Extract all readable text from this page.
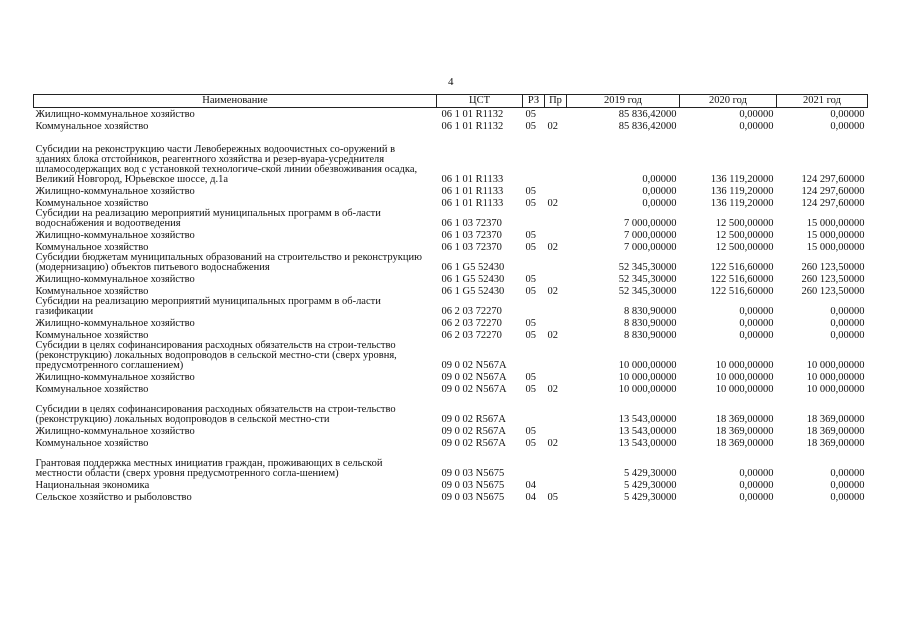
4
Наименование	ЦСТ	РЗ	Пр	2019 год	2020 год	2021 год
Жилищно-коммунальное хозяйство	06 1 01 R1132	05		85 836,42000	0,00000	0,00000
Коммунальное хозяйство	06 1 01 R1132	05	02	85 836,42000	0,00000	0,00000
Субсидии на реконструкцию части Левобережных водоочистных со-оружений в зданиях блока отстойников, реагентного хозяйства и резер-вуара-усреднителя шламосодержащих вод с установкой технологиче-ской линии обезвоживания осадка, Великий Новгород, Юрьевское шоссе, д.1а	06 1 01 R1133			0,00000	136 119,20000	124 297,60000
Жилищно-коммунальное хозяйство	06 1 01 R1133	05		0,00000	136 119,20000	124 297,60000
Коммунальное хозяйство	06 1 01 R1133	05	02	0,00000	136 119,20000	124 297,60000
Субсидии на реализацию мероприятий муниципальных программ в об-ласти водоснабжения и водоотведения	06 1 03 72370			7 000,00000	12 500,00000	15 000,00000
Жилищно-коммунальное хозяйство	06 1 03 72370	05		7 000,00000	12 500,00000	15 000,00000
Коммунальное хозяйство	06 1 03 72370	05	02	7 000,00000	12 500,00000	15 000,00000
Субсидии бюджетам муниципальных образований на строительство и реконструкцию (модернизацию) объектов питьевого водоснабжения	06 1 G5 52430			52 345,30000	122 516,60000	260 123,50000
Жилищно-коммунальное хозяйство	06 1 G5 52430	05		52 345,30000	122 516,60000	260 123,50000
Коммунальное хозяйство	06 1 G5 52430	05	02	52 345,30000	122 516,60000	260 123,50000
Субсидии на реализацию мероприятий муниципальных программ в об-ласти газификации	06 2 03 72270			8 830,90000	0,00000	0,00000
Жилищно-коммунальное хозяйство	06 2 03 72270	05		8 830,90000	0,00000	0,00000
Коммунальное хозяйство	06 2 03 72270	05	02	8 830,90000	0,00000	0,00000
Субсидии в целях софинансирования расходных обязательств на строи-тельство (реконструкцию) локальных водопроводов в сельской местно-сти (сверх уровня, предусмотренного соглашением)	09 0 02 N567A			10 000,00000	10 000,00000	10 000,00000
Жилищно-коммунальное хозяйство	09 0 02 N567A	05		10 000,00000	10 000,00000	10 000,00000
Коммунальное хозяйство	09 0 02 N567A	05	02	10 000,00000	10 000,00000	10 000,00000
Субсидии в целях софинансирования расходных обязательств на строи-тельство (реконструкцию) локальных водопроводов в сельской местно-сти	09 0 02 R567A			13 543,00000	18 369,00000	18 369,00000
Жилищно-коммунальное хозяйство	09 0 02 R567A	05		13 543,00000	18 369,00000	18 369,00000
Коммунальное хозяйство	09 0 02 R567A	05	02	13 543,00000	18 369,00000	18 369,00000
Грантовая поддержка местных инициатив граждан, проживающих в сельской местности области (сверх уровня предусмотренного согла-шением)	09 0 03 N5675			5 429,30000	0,00000	0,00000
Национальная экономика	09 0 03 N5675	04		5 429,30000	0,00000	0,00000
Сельское хозяйство и рыболовство	09 0 03 N5675	04	05	5 429,30000	0,00000	0,00000
